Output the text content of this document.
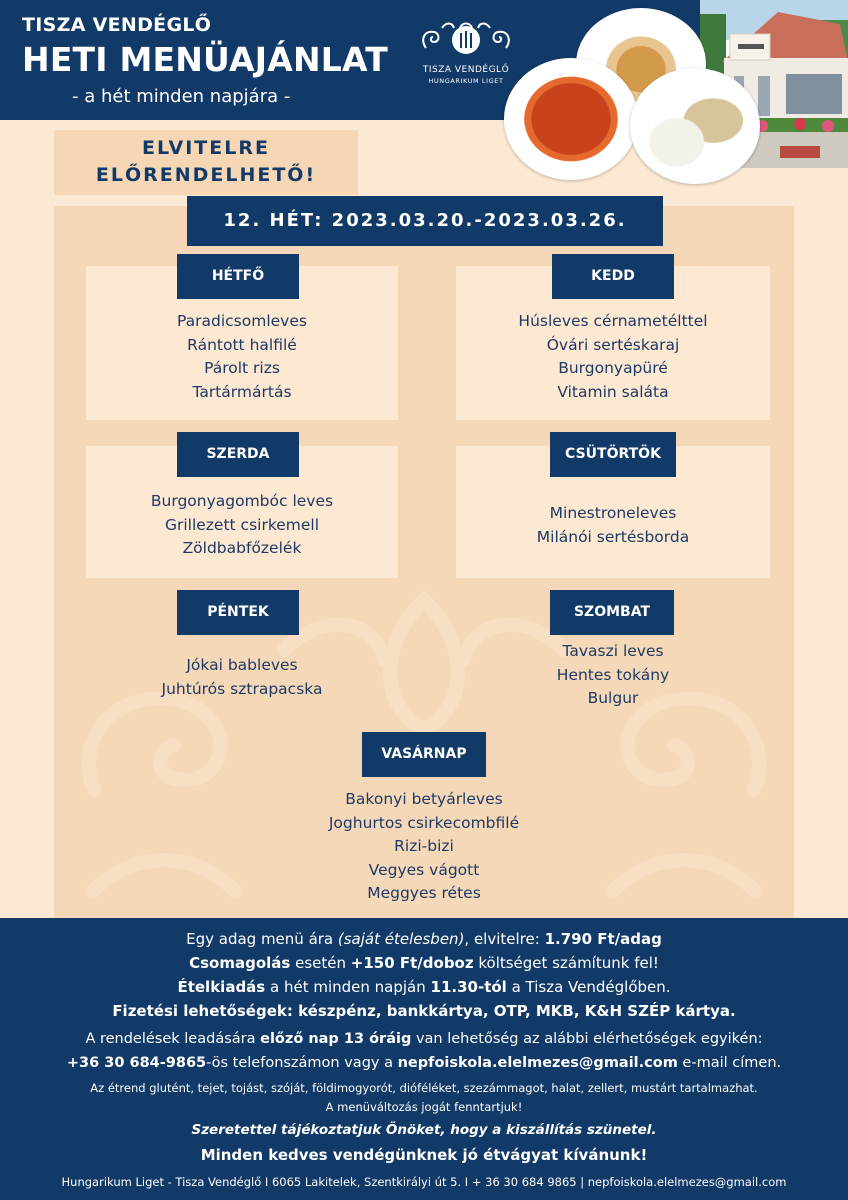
TISZA VENDÉGLŐ
HETI MENÜAJÁNLAT
- a hét minden napjára -
TISZA VENDÉGLŐ
HUNGARIKUM LIGET
ELVITELRE
ELŐRENDELHETŐ!
12. HÉT: 2023.03.20.-2023.03.26.
HÉTFŐ
Paradicsomleves
Rántott halfilé
Párolt rizs
Tartármártás
KEDD
Húsleves cérnametélttel
Óvári sertéskaraj
Burgonyapüré
Vitamin saláta
SZERDA
Burgonyagombóc leves
Grillezett csirkemell
Zöldbabfőzelék
CSÜTÖRTÖK
Minestroneleves
Milánói sertésborda
PÉNTEK
Jókai bableves
Juhtúrós sztrapacska
SZOMBAT
Tavaszi leves
Hentes tokány
Bulgur
VASÁRNAP
Bakonyi betyárleves
Joghurtos csirkecombfilé
Rizi-bizi
Vegyes vágott
Meggyes rétes
Egy adag menü ára (saját ételesben), elvitelre: 1.790 Ft/adag
Csomagolás esetén +150 Ft/doboz költséget számítunk fel!
Ételkiadás a hét minden napján 11.30-tól a Tisza Vendéglőben.
Fizetési lehetőségek: készpénz, bankkártya, OTP, MKB, K&H SZÉP kártya.
A rendelések leadására előző nap 13 óráig van lehetőség az alábbi elérhetőségek egyikén:
+36 30 684-9865-ös telefonszámon vagy a nepfoiskola.elelmezes@gmail.com e-mail címen.
Az étrend glutént, tejet, tojást, szóját, földimogyorót, dióféléket, szezámmagot, halat, zellert, mustárt tartalmazhat.
A menüváltozás jogát fenntartjuk!
Szeretettel tájékoztatjuk Önöket, hogy a kiszállítás szünetel.
Minden kedves vendégünknek jó étvágyat kívánunk!
Hungarikum Liget - Tisza Vendéglő I 6065 Lakitelek, Szentkirályi út 5. I + 36 30 684 9865 | nepfoiskola.elelmezes@gmail.com
